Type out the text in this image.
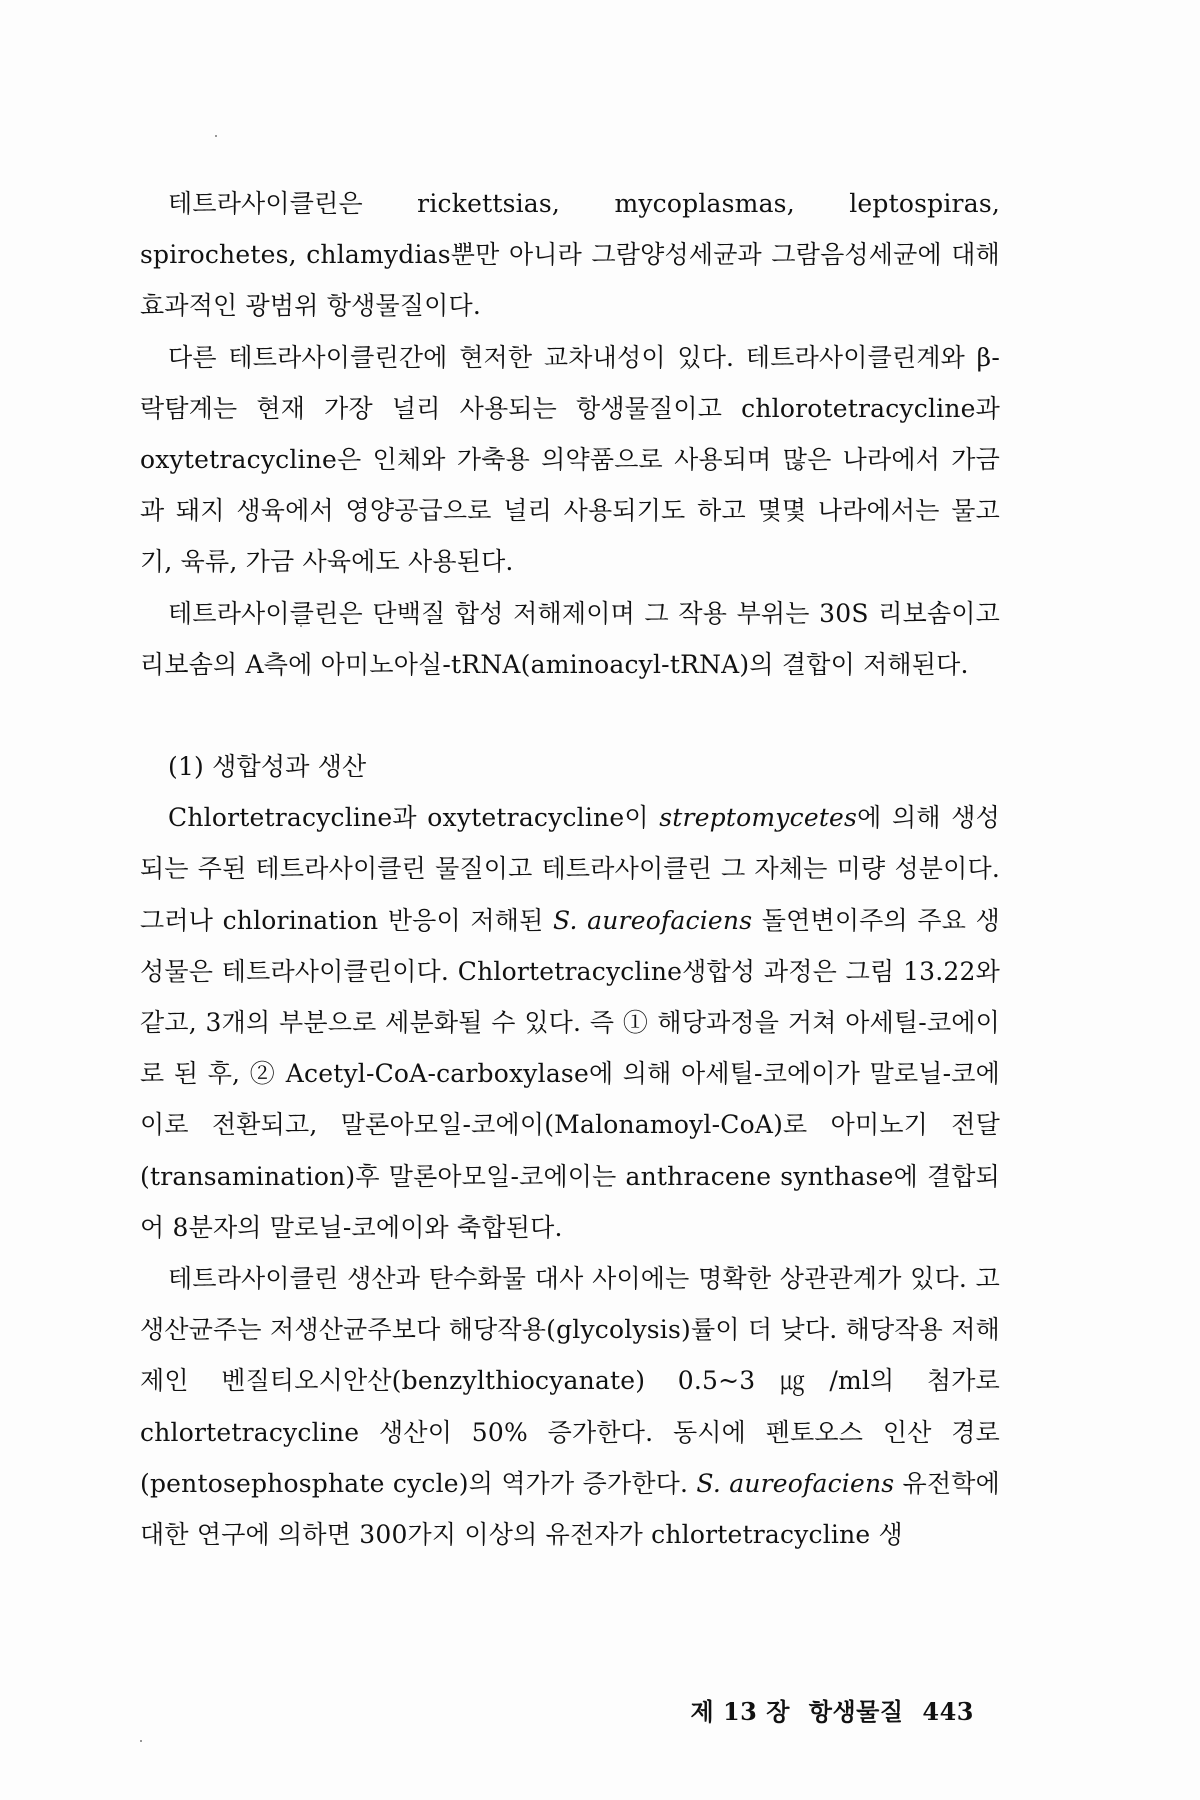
테트라사이클린은 rickettsias, mycoplasmas, leptospiras, spirochetes, chlamydias뿐만 아니라 그람양성세균과 그람음성세균에 대해 효과적인 광범위 항생물질이다.

다른 테트라사이클린간에 현저한 교차내성이 있다. 테트라사이클린계와 β-락탐계는 현재 가장 널리 사용되는 항생물질이고 chlorotetracycline과 oxytetracycline은 인체와 가축용 의약품으로 사용되며 많은 나라에서 가금과 돼지 생육에서 영양공급으로 널리 사용되기도 하고 몇몇 나라에서는 물고기, 육류, 가금 사육에도 사용된다.

테트라사이클린은 단백질 합성 저해제이며 그 작용 부위는 30S 리보솜이고 리보솜의 A측에 아미노아실-tRNA(aminoacyl-tRNA)의 결합이 저해된다.

(1) 생합성과 생산

Chlortetracycline과 oxytetracycline이 streptomycetes에 의해 생성되는 주된 테트라사이클린 물질이고 테트라사이클린 그 자체는 미량 성분이다. 그러나 chlorination 반응이 저해된 S. aureofaciens 돌연변이주의 주요 생성물은 테트라사이클린이다. Chlortetracycline생합성 과정은 그림 13.22와 같고, 3개의 부분으로 세분화될 수 있다. 즉 ① 해당과정을 거쳐 아세틸-코에이로 된 후, ② Acetyl-CoA-carboxylase에 의해 아세틸-코에이가 말로닐-코에이로 전환되고, 말론아모일-코에이(Malonamoyl-CoA)로 아미노기 전달(transamination)후 말론아모일-코에이는 anthracene synthase에 결합되어 8분자의 말로닐-코에이와 축합된다.

테트라사이클린 생산과 탄수화물 대사 사이에는 명확한 상관관계가 있다. 고생산균주는 저생산균주보다 해당작용(glycolysis)률이 더 낮다. 해당작용 저해제인 벤질티오시안산(benzylthiocyanate) 0.5~3㎍/ml의 첨가로 chlortetracycline 생산이 50% 증가한다. 동시에 펜토오스 인산 경로(pentosephosphate cycle)의 역가가 증가한다. S. aureofaciens 유전학에 대한 연구에 의하면 300가지 이상의 유전자가 chlortetracycline 생

제 13 장 항생물질 443
